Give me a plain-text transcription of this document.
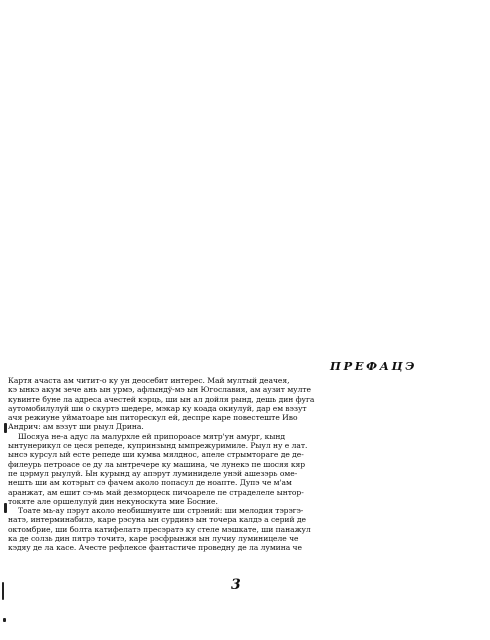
ПРЕФАЦЭ
Картя ачаста ам читит-о ку ун деосебит интерес. Май мултый деачея,
кэ ынкэ акум зече ань ын урмэ, афлындў-мэ ын Югославия, ам аузит мулте
кувинте буне ла адреса ачестей кэрць, ши ын ал дойля рынд, дешь дин фуга
аутомобилулуй ши о скуртэ шедере, мэкар ку коада окиулуй, дар ем вэзут
ачя режиуне уйматоаре ын питорескул ей, деспре каре повестеште Иво
Андрич: ам вэзут ши рыул Дрина.
Шосяуа не-а адус ла малурхле ей припороасе мятр'ун амург, кынд
ынтунерикул се цеся репеде, купринзынд ымпрежуримиле. Рыул ну е лат.
ынсэ курсул ый есте репеде ши кумва мялднос, апеле стрымтораге де де-
филеурь петроасе се ду ла ынтречере ку машина, че лунекэ пе шосяя кяр
пе цэрмул рыулуй. Ын курынд ау апэрут луминиделе унэй ашезэрь оме-
нешть ши ам котэрыт сэ фачем аколо попасул де ноапте. Дупэ че м'ам
аранжат, ам ешит сэ-мь май дезморцеск пичоареле пе страделеле ынтор-
токяте але оршелулуй дин некуноскута мие Босние.
Тоате мь-ау пэрут аколо необишнуите ши стрэний: ши мелодия тэрэгэ-
натэ, интерминабилэ, каре рэсуна ын сурдинэ ын точера калдэ а серий де
октомбрие, ши болта катифелатэ пресэратэ ку стеле мэшкате, ши панажул
ка де солзь дин пятрэ точитэ, каре рэсфрынжя ын лучиу луминицеле че
кэдяу де ла касе. Ачесте рефлексе фантастиче проведну де ла лумина че
3
